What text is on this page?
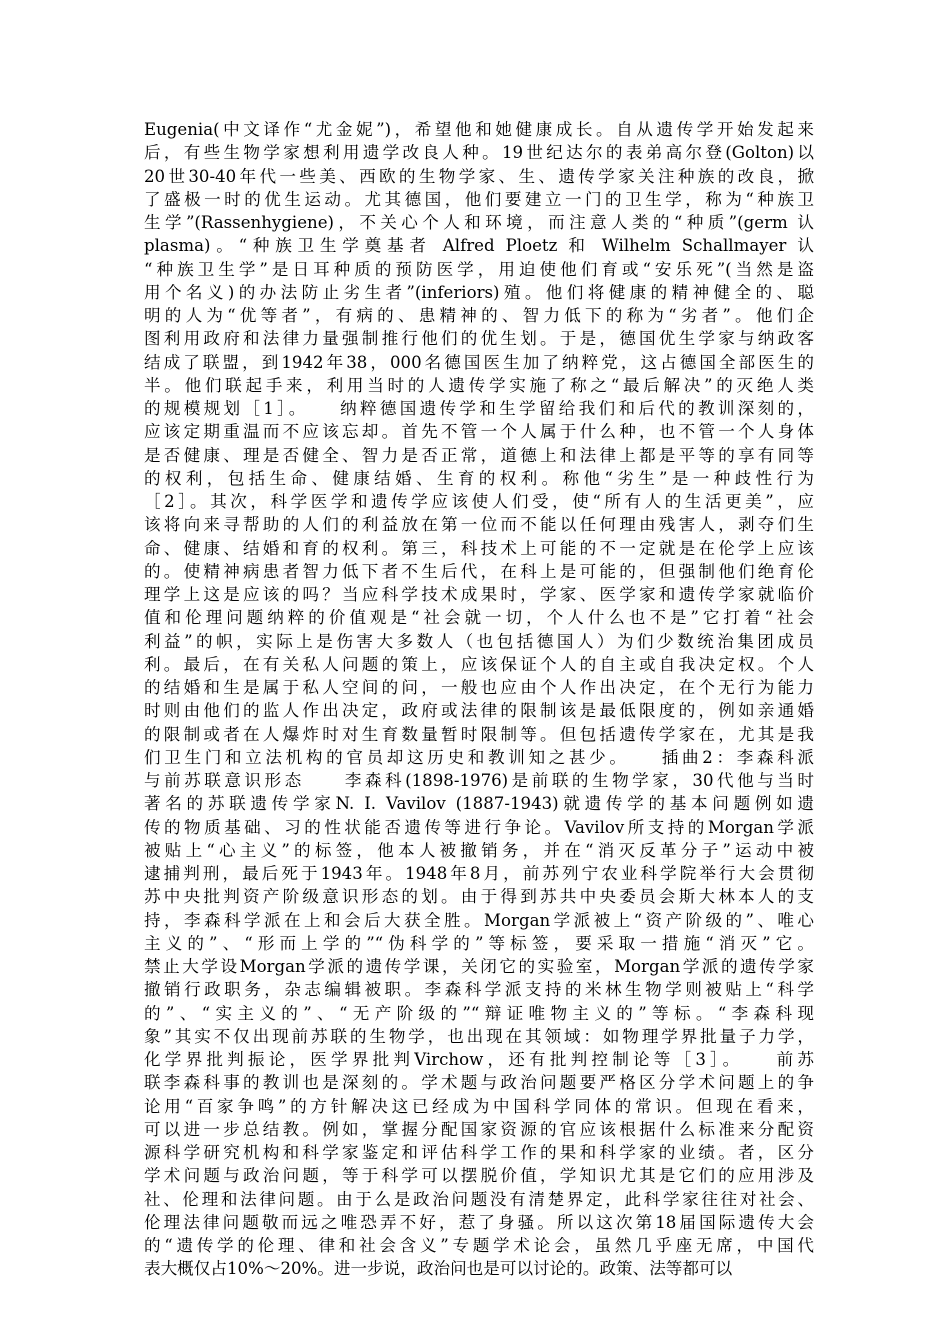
Eugenia(中文译作“尤金妮”)，希望他和她健康成长。自从遗传学开始发起来
后，有些生物学家想利用遗学改良人种。19世纪达尔的表弟高尔登(Golton)以
20世30-40年代一些美、西欧的生物学家、生、遗传学家关注种族的改良，掀
了盛极一时的优生运动。尤其德国，他们要建立一门的卫生学，称为“种族卫
生学”(Rassenhygiene)，不关心个人和环境，而注意人类的“种质”(germ 认
plasma)。“种族卫生学奠基者 Alfred Ploetz 和 Wilhelm Schallmayer 认
“种族卫生学”是日耳种质的预防医学，用迫使他们育或“安乐死”(当然是盗
用个名义)的办法防止劣生者”(inferiors)殖。他们将健康的精神健全的、聪
明的人为“优等者”，有病的、患精神的、智力低下的称为“劣者”。他们企
图利用政府和法律力量强制推行他们的优生划。于是，德国优生学家与纳政客
结成了联盟，到1942年38，000名德国医生加了纳粹党，这占德国全部医生的
半。他们联起手来，利用当时的人遗传学实施了称之“最后解决”的灭绝人类
的规模规划［1］。　　纳粹德国遗传学和生学留给我们和后代的教训深刻的，
应该定期重温而不应该忘却。首先不管一个人属于什么种，也不管一个人身体
是否健康、理是否健全、智力是否正常，道德上和法律上都是平等的享有同等
的权利，包括生命、健康结婚、生育的权利。称他“劣生”是一种歧性行为
［2］。其次，科学医学和遗传学应该使人们受，使“所有人的生活更美”，应
该将向来寻帮助的人们的利益放在第一位而不能以任何理由残害人，剥夺们生
命、健康、结婚和育的权利。第三，科技术上可能的不一定就是在伦学上应该
的。使精神病患者智力低下者不生后代，在科上是可能的，但强制他们绝育伦
理学上这是应该的吗？当应科学技术成果时，学家、医学家和遗传学家就临价
值和伦理问题纳粹的价值观是“社会就一切，个人什么也不是”它打着“社会
利益”的帜，实际上是伤害大多数人（也包括德国人）为们少数统治集团成员
利。最后，在有关私人问题的策上，应该保证个人的自主或自我决定权。个人
的结婚和生是属于私人空间的问，一般也应由个人作出决定，在个无行为能力
时则由他们的监人作出决定，政府或法律的限制该是最低限度的，例如亲通婚
的限制或者在人爆炸时对生育数量暂时限制等。但包括遗传学家在，尤其是我
们卫生门和立法机构的官员却这历史和教训知之甚少。　　插曲2：李森科派
与前苏联意识形态　　李森科(1898-1976)是前联的生物学家，30代他与当时
著名的苏联遗传学家N. I. Vavilov (1887-1943)就遗传学的基本问题例如遗
传的物质基础、习的性状能否遗传等进行争论。Vavilov所支持的Morgan学派
被贴上“心主义”的标签，他本人被撤销务，并在“消灭反革分子”运动中被
逮捕判刑，最后死于1943年。1948年8月，前苏列宁农业科学院举行大会贯彻
苏中央批判资产阶级意识形态的划。由于得到苏共中央委员会斯大林本人的支
持，李森科学派在上和会后大获全胜。Morgan学派被上“资产阶级的”、唯心
主义的”、“形而上学的”“伪科学的”等标签，要采取一措施“消灭”它。
禁止大学设Morgan学派的遗传学课，关闭它的实验室，Morgan学派的遗传学家
撤销行政职务，杂志编辑被职。李森科学派支持的米林生物学则被贴上“科学
的”、“实主义的”、“无产阶级的”“辩证唯物主义的”等标。“李森科现
象”其实不仅出现前苏联的生物学，也出现在其领域：如物理学界批量子力学，
化学界批判振论，医学界批判Virchow，还有批判控制论等［3］。　　前苏
联李森科事的教训也是深刻的。学术题与政治问题要严格区分学术问题上的争
论用“百家争鸣”的方针解决这已经成为中国科学同体的常识。但现在看来，
可以进一步总结教。例如，掌握分配国家资源的官应该根据什么标准来分配资
源科学研究机构和科学家鉴定和评估科学工作的果和科学家的业绩。者，区分
学术问题与政治问题，等于科学可以摆脱价值，学知识尤其是它们的应用涉及
社、伦理和法律问题。由于么是政治问题没有清楚界定，此科学家往往对社会、
伦理法律问题敬而远之唯恐弄不好，惹了身骚。所以这次第18届国际遗传大会
的“遗传学的伦理、律和社会含义”专题学术论会，虽然几乎座无席，中国代
表大概仅占10%～20%。进一步说，政治问也是可以讨论的。政策、法等都可以
